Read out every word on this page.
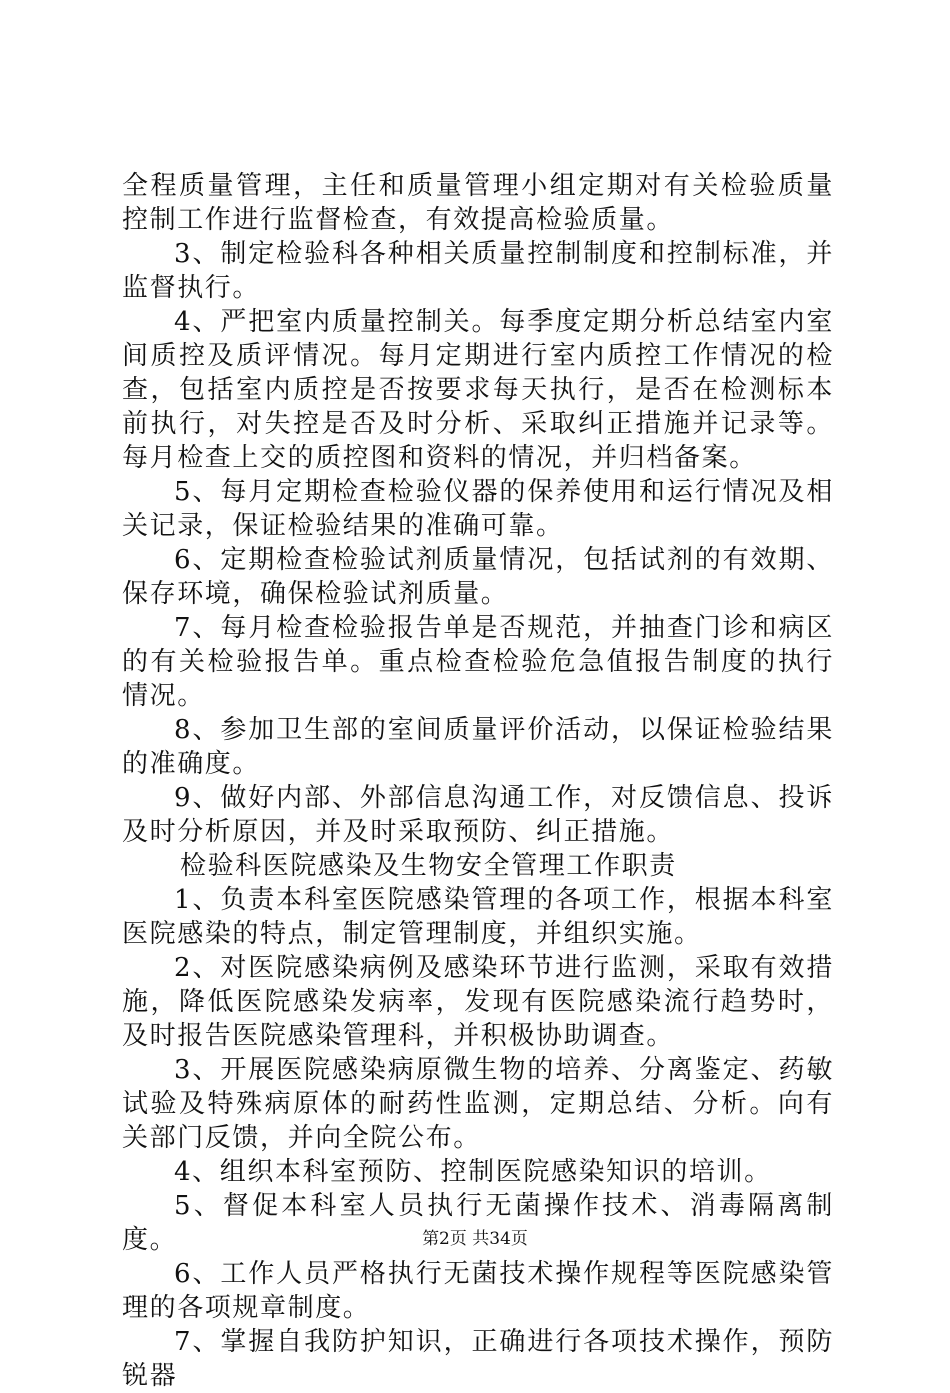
全程质量管理，主任和质量管理小组定期对有关检验质量控制工作进行监督检查，有效提高检验质量。

3、制定检验科各种相关质量控制制度和控制标准，并监督执行。

4、严把室内质量控制关。每季度定期分析总结室内室间质控及质评情况。每月定期进行室内质控工作情况的检查，包括室内质控是否按要求每天执行，是否在检测标本前执行，对失控是否及时分析、采取纠正措施并记录等。每月检查上交的质控图和资料的情况，并归档备案。

5、每月定期检查检验仪器的保养使用和运行情况及相关记录，保证检验结果的准确可靠。

6、定期检查检验试剂质量情况，包括试剂的有效期、保存环境，确保检验试剂质量。

7、每月检查检验报告单是否规范，并抽查门诊和病区的有关检验报告单。重点检查检验危急值报告制度的执行情况。

8、参加卫生部的室间质量评价活动，以保证检验结果的准确度。

9、做好内部、外部信息沟通工作，对反馈信息、投诉及时分析原因，并及时采取预防、纠正措施。

检验科医院感染及生物安全管理工作职责

1、负责本科室医院感染管理的各项工作，根据本科室医院感染的特点，制定管理制度，并组织实施。

2、对医院感染病例及感染环节进行监测，采取有效措施，降低医院感染发病率，发现有医院感染流行趋势时，及时报告医院感染管理科，并积极协助调查。

3、开展医院感染病原微生物的培养、分离鉴定、药敏试验及特殊病原体的耐药性监测，定期总结、分析。向有关部门反馈，并向全院公布。

4、组织本科室预防、控制医院感染知识的培训。

5、督促本科室人员执行无菌操作技术、消毒隔离制度。

6、工作人员严格执行无菌技术操作规程等医院感染管理的各项规章制度。

7、掌握自我防护知识，正确进行各项技术操作，预防锐器

第2页 共34页
